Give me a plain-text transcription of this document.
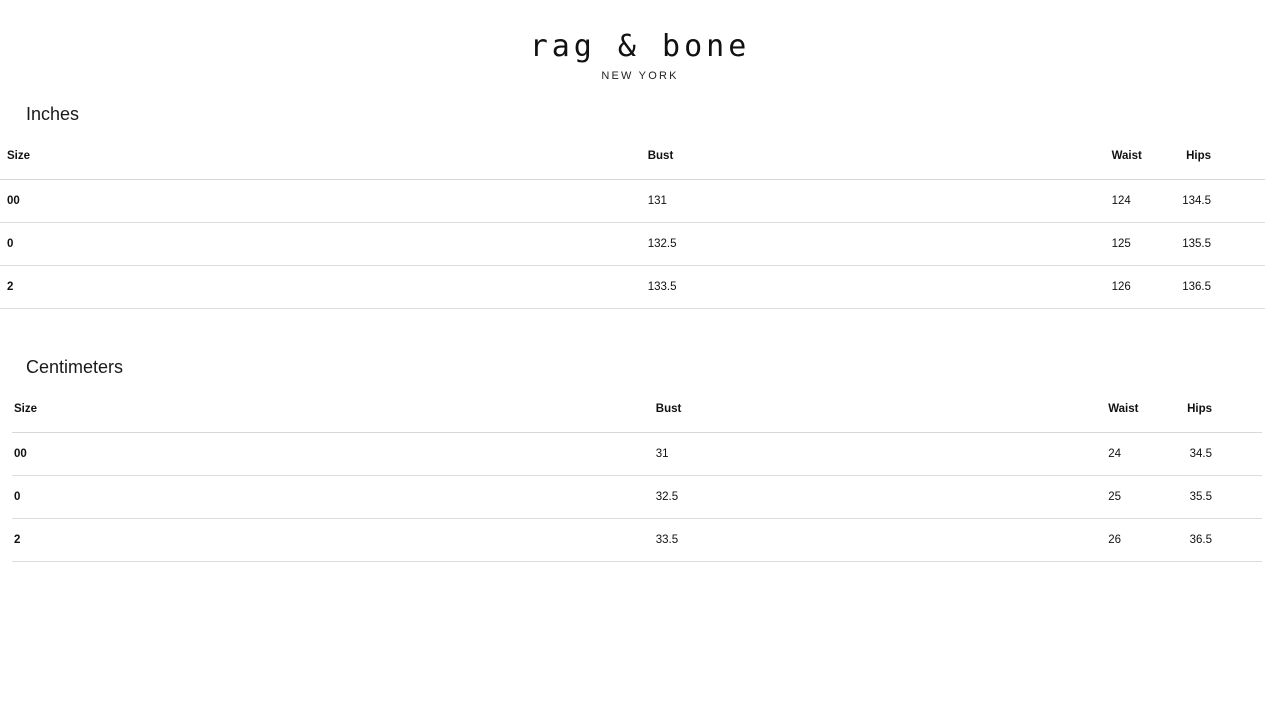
rag & bone
NEW YORK
Inches
Size	Bust	Waist	Hips
00	131	124	134.5
0	132.5	125	135.5
2	133.5	126	136.5
Centimeters
Size	Bust	Waist	Hips
00	31	24	34.5
0	32.5	25	35.5
2	33.5	26	36.5
